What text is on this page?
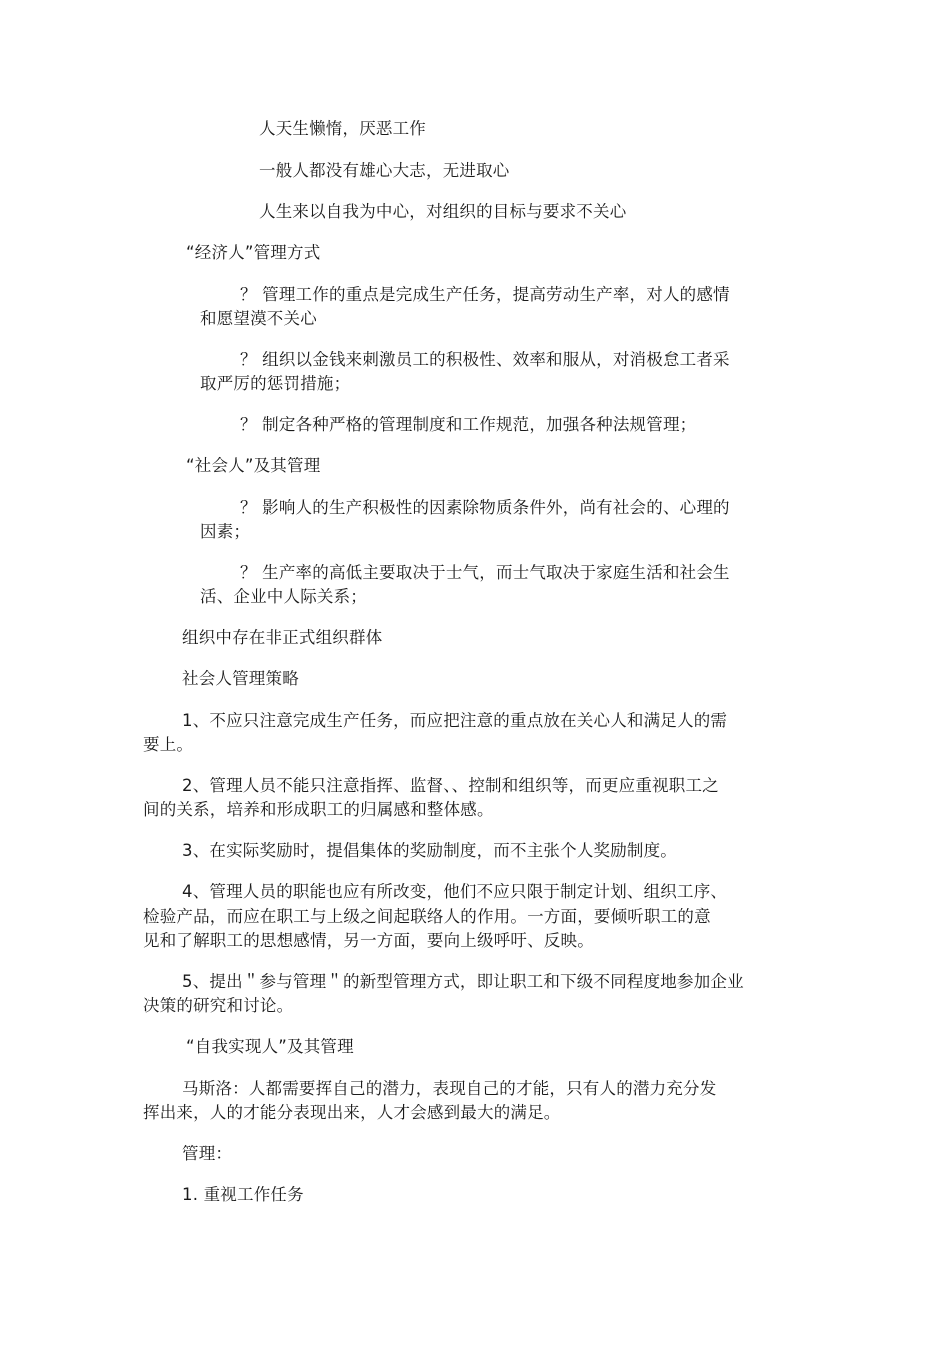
人天生懒惰，厌恶工作

一般人都没有雄心大志，无进取心

人生来以自我为中心，对组织的目标与要求不关心

“经济人”管理方式

？ 管理工作的重点是完成生产任务，提高劳动生产率，对人的感情

和愿望漠不关心

？ 组织以金钱来刺激员工的积极性、效率和服从，对消极怠工者采

取严厉的惩罚措施；

？ 制定各种严格的管理制度和工作规范，加强各种法规管理；

“社会人”及其管理

？ 影响人的生产积极性的因素除物质条件外，尚有社会的、心理的

因素；

？ 生产率的高低主要取决于士气，而士气取决于家庭生活和社会生

活、企业中人际关系；

组织中存在非正式组织群体

社会人管理策略

1、不应只注意完成生产任务，而应把注意的重点放在关心人和满足人的需

要上。

2、管理人员不能只注意指挥、监督、、控制和组织等，而更应重视职工之

间的关系，培养和形成职工的归属感和整体感。

3、在实际奖励时，提倡集体的奖励制度，而不主张个人奖励制度。

4、管理人员的职能也应有所改变，他们不应只限于制定计划、组织工序、

检验产品，而应在职工与上级之间起联络人的作用。一方面，要倾听职工的意

见和了解职工的思想感情，另一方面，要向上级呼吁、反映。

5、提出＂参与管理＂的新型管理方式，即让职工和下级不同程度地参加企业

决策的研究和讨论。

“自我实现人”及其管理

马斯洛：人都需要挥自己的潜力，表现自己的才能，只有人的潜力充分发

挥出来，人的才能分表现出来，人才会感到最大的满足。

管理：

1. 重视工作任务
